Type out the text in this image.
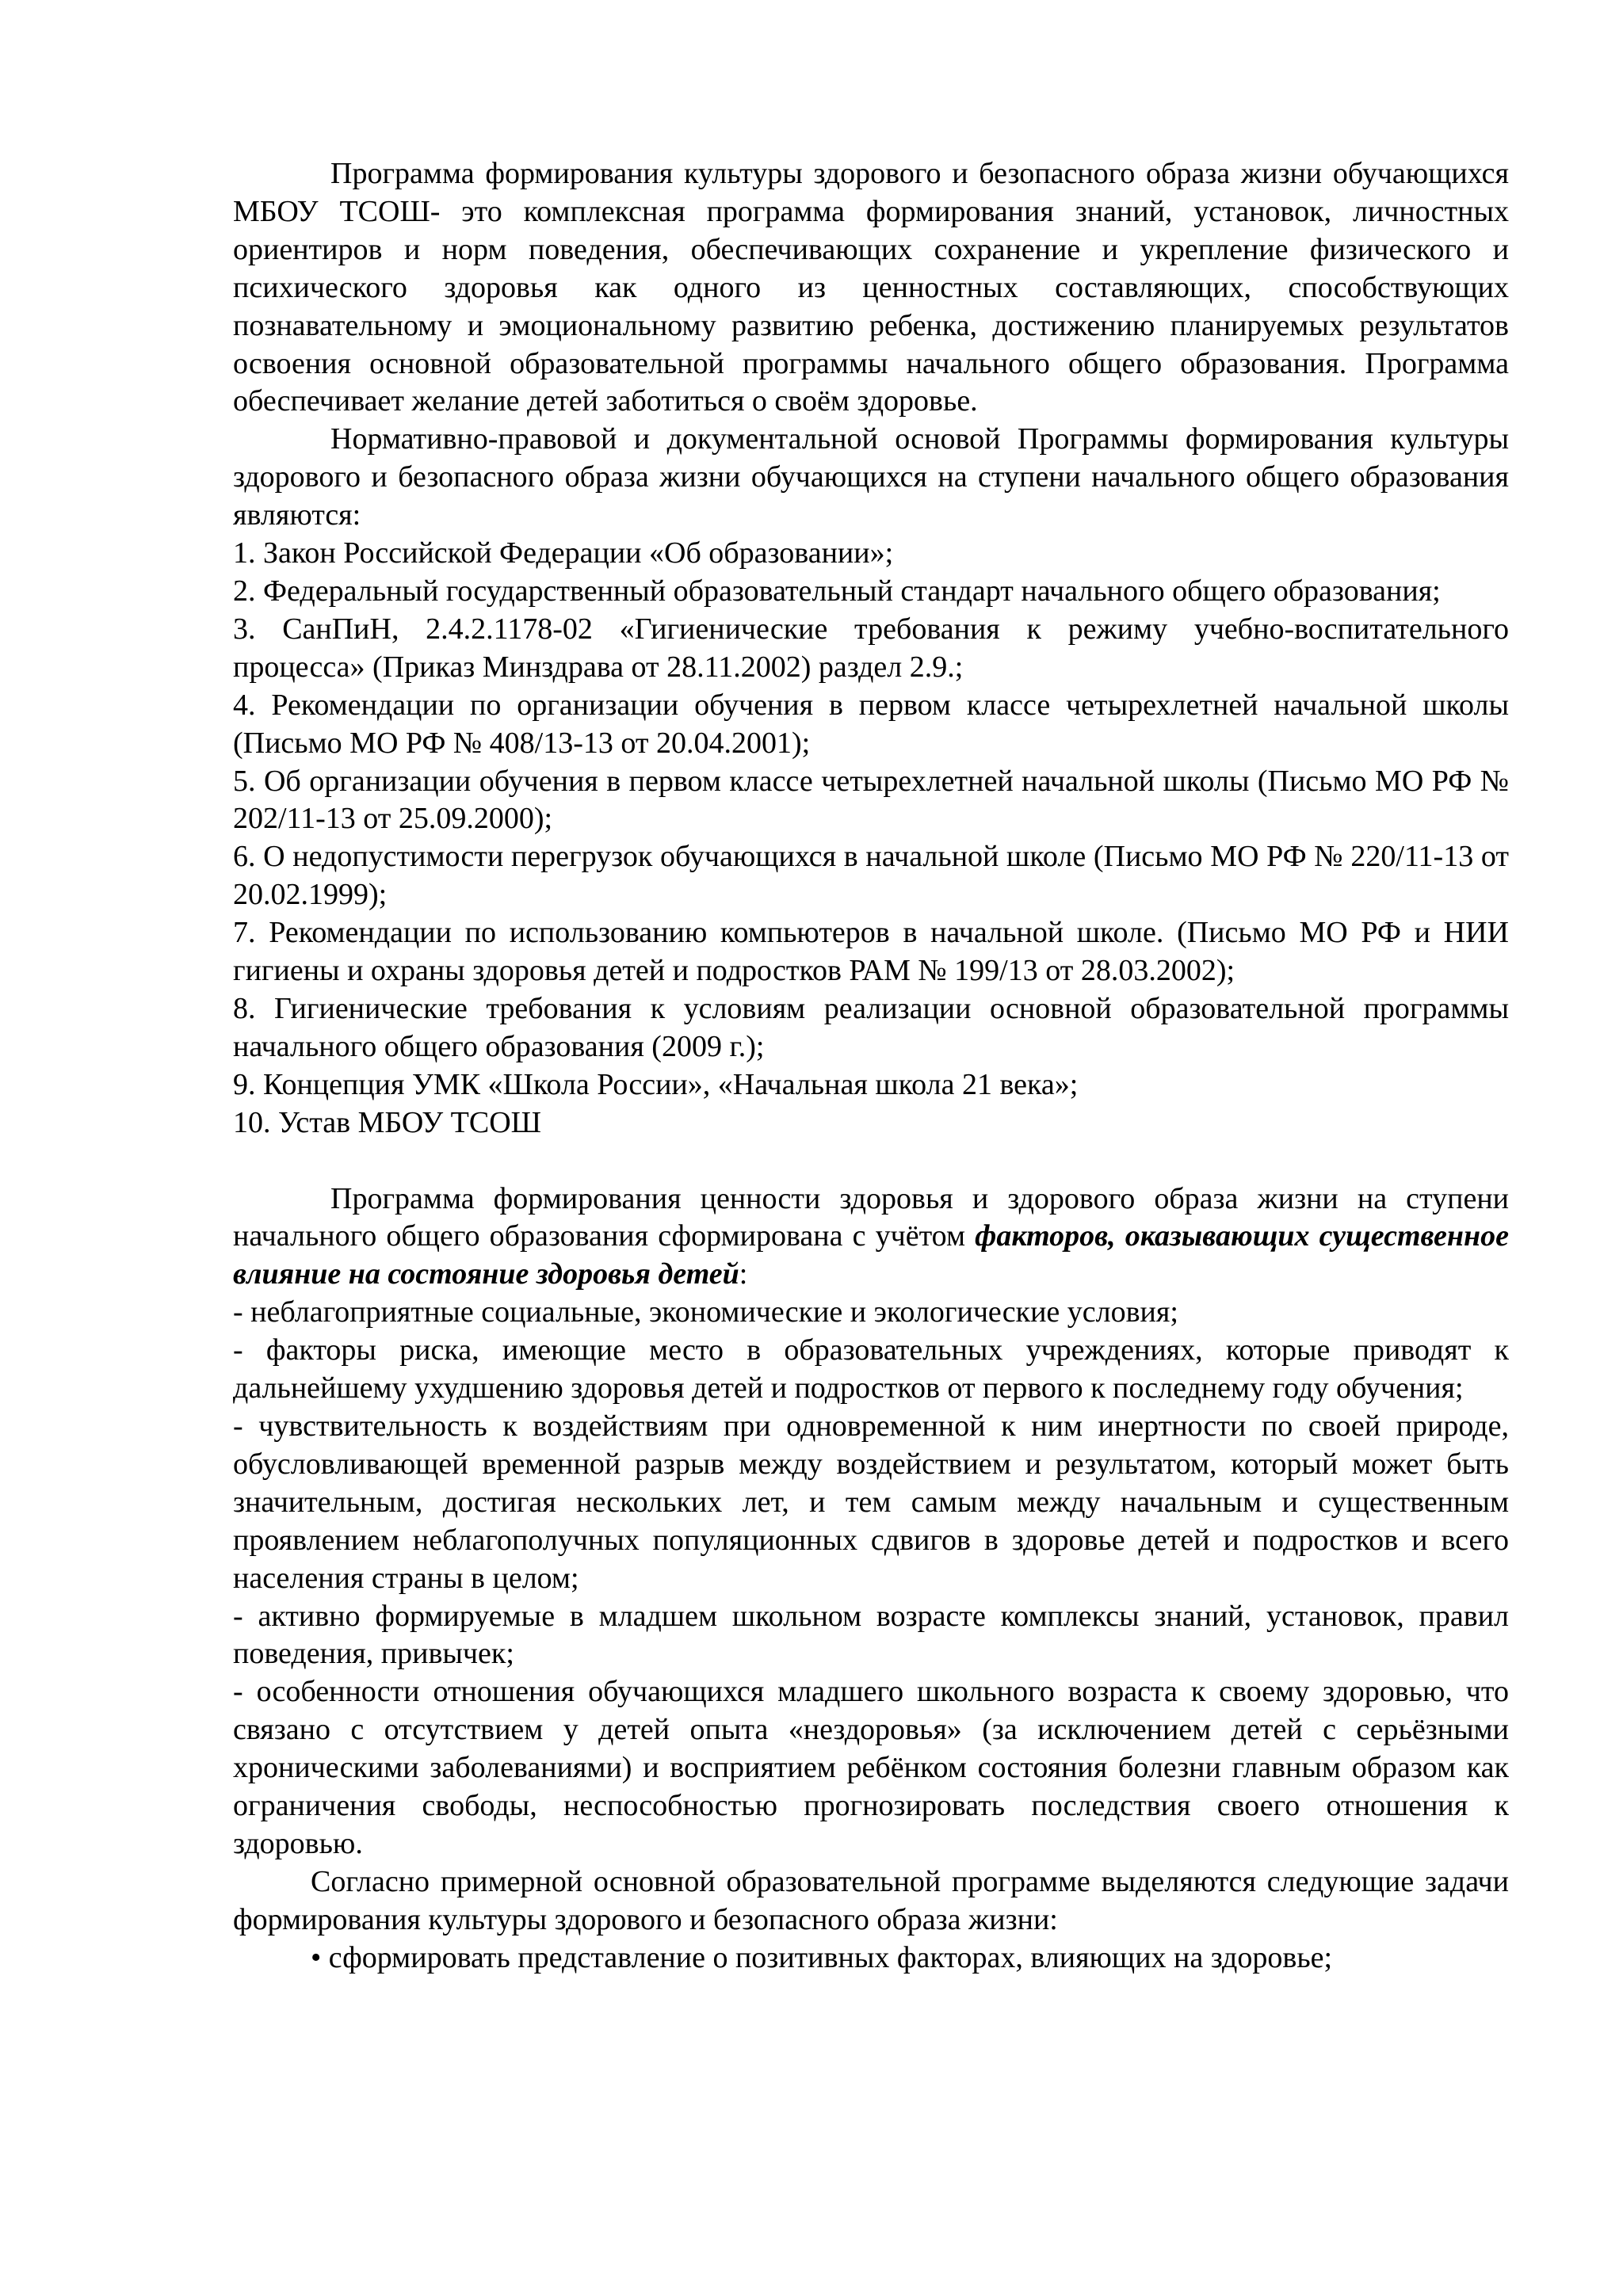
Программа формирования культуры здорового и безопасного образа жизни обучающихся МБОУ ТСОШ- это комплексная программа формирования знаний, установок, личностных ориентиров и норм поведения, обеспечивающих сохранение и укрепление физического и психического здоровья как одного из ценностных составляющих, способствующих познавательному и эмоциональному развитию ребенка, достижению планируемых результатов освоения основной образовательной программы начального общего образования. Программа обеспечивает желание детей заботиться о своём здоровье.

Нормативно-правовой и документальной основой Программы формирования культуры здорового и безопасного образа жизни обучающихся на ступени начального общего образования являются:

1. Закон Российской Федерации «Об образовании»;

2. Федеральный государственный образовательный стандарт начального общего образования;

3. СанПиН, 2.4.2.1178-02 «Гигиенические требования к режиму учебно-воспитательного процесса» (Приказ Минздрава от 28.11.2002) раздел 2.9.;

4. Рекомендации по организации обучения в первом классе четырехлетней начальной школы (Письмо МО РФ № 408/13-13 от 20.04.2001);

5. Об организации обучения в первом классе четырехлетней начальной школы (Письмо МО РФ № 202/11-13 от 25.09.2000);

6. О недопустимости перегрузок обучающихся в начальной школе (Письмо МО РФ № 220/11-13 от 20.02.1999);

7. Рекомендации по использованию компьютеров в начальной школе. (Письмо МО РФ и НИИ гигиены и охраны здоровья детей и подростков РАМ № 199/13 от 28.03.2002);

8. Гигиенические требования к условиям реализации основной образовательной программы начального общего образования (2009 г.);

9. Концепция УМК «Школа России», «Начальная школа 21 века»;

10. Устав МБОУ ТСОШ

Программа формирования ценности здоровья и здорового образа жизни на ступени начального общего образования сформирована с учётом факторов, оказывающих существенное влияние на состояние здоровья детей:

- неблагоприятные социальные, экономические и экологические условия;

- факторы риска, имеющие место в образовательных учреждениях, которые приводят к дальнейшему ухудшению здоровья детей и подростков от первого к последнему году обучения;

- чувствительность к воздействиям при одновременной к ним инертности по своей природе, обусловливающей временной разрыв между воздействием и результатом, который может быть значительным, достигая нескольких лет, и тем самым между начальным и существенным проявлением неблагополучных популяционных сдвигов в здоровье детей и подростков и всего населения страны в целом;

- активно формируемые в младшем школьном возрасте комплексы знаний, установок, правил поведения, привычек;

- особенности отношения обучающихся младшего школьного возраста к своему здоровью, что связано с отсутствием у детей опыта «нездоровья» (за исключением детей с серьёзными хроническими заболеваниями) и восприятием ребёнком состояния болезни главным образом как ограничения свободы, неспособностью прогнозировать последствия своего отношения к здоровью.

Согласно примерной основной образовательной программе выделяются следующие задачи формирования культуры здорового и безопасного образа жизни:

• сформировать представление о позитивных факторах, влияющих на здоровье;
